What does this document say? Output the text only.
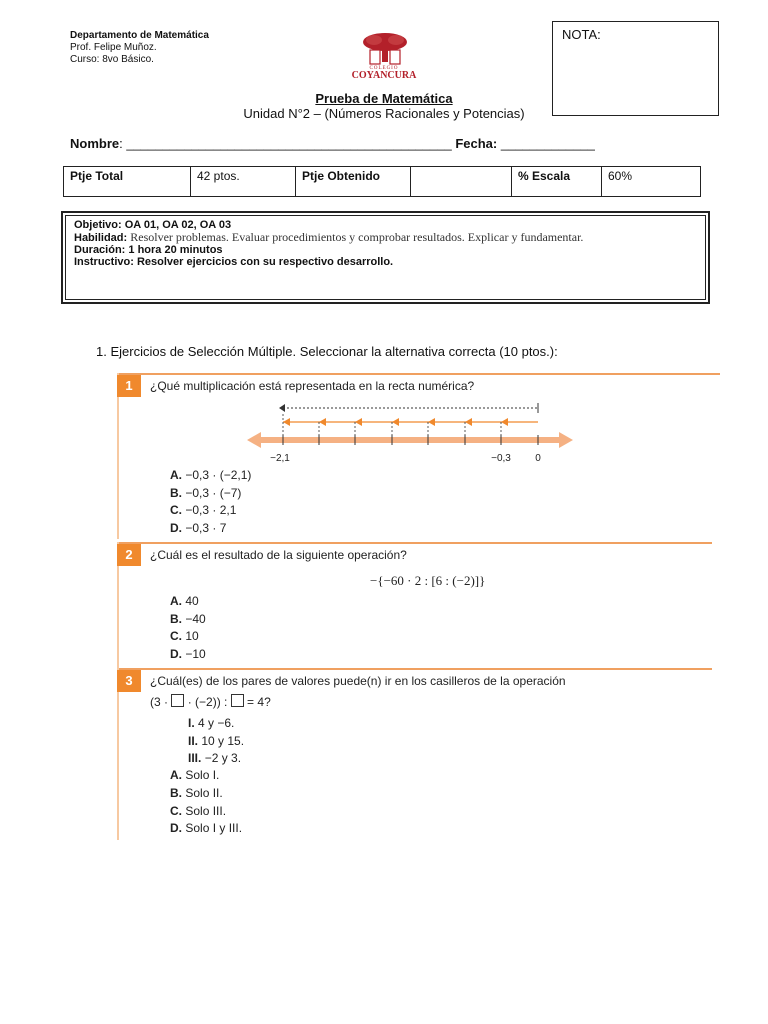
Departamento de Matemática
Prof. Felipe Muñoz.
Curso: 8vo Básico.
COLEGIO
COYANCURA
NOTA:
Prueba de Matemática
Unidad N°2 – (Números Racionales y Potencias)
Nombre: _____________________________________________ Fecha: _____________
Ptje Total	42 ptos.	Ptje Obtenido		% Escala	60%
Objetivo: OA 01, OA 02, OA 03
Habilidad: Resolver problemas. Evaluar procedimientos y comprobar resultados. Explicar y fundamentar.
Duración: 1 hora 20 minutos
Instructivo: Resolver ejercicios con su respectivo desarrollo.
1. Ejercicios de Selección Múltiple. Seleccionar la alternativa correcta (10 ptos.):
1	¿Qué multiplicación está representada en la recta numérica?
−2,1	−0,3 0
A. −0,3 · (−2,1)
B. −0,3 · (−7)
C. −0,3 · 2,1
D. −0,3 · 7
2	¿Cuál es el resultado de la siguiente operación?
−{−60 · 2 : [6 : (−2)]}
A. 40
B. −40
C. 10
D. −10
3	¿Cuál(es) de los pares de valores puede(n) ir en los casilleros de la operación
(3 · · (−2)) : = 4?
I. 4 y −6.
II. 10 y 15.
III. −2 y 3.
A. Solo I.
B. Solo II.
C. Solo III.
D. Solo I y III.
